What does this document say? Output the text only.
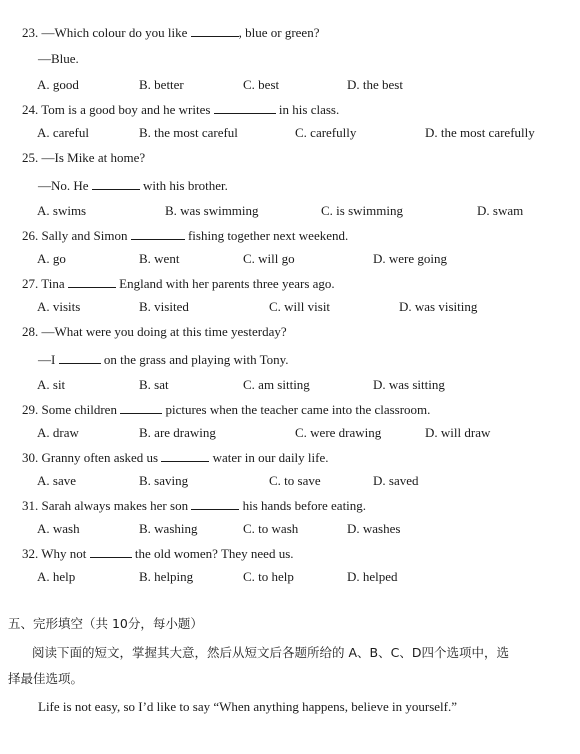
23. —Which colour do you like	, blue or green?
—Blue.
A. good	B. better	C. best	D. the best
24. Tom is a good boy and he writes	in his class.
A. careful	B. the most careful	C. carefully	D. the most carefully
25. —Is Mike at home?
—No. He	with his brother.
A. swims	B. was swimming	C. is swimming	D. swam
26. Sally and Simon	fishing together next weekend.
A. go	B. went	C. will go	D. were going
27. Tina	England with her parents three years ago.
A. visits	B. visited	C. will visit	D. was visiting
28. —What were you doing at this time yesterday?
—I	on the grass and playing with Tony.
A. sit	B. sat	C. am sitting	D. was sitting
29. Some children	pictures when the teacher came into the classroom.
A. draw	B. are drawing	C. were drawing	D. will draw
30. Granny often asked us	water in our daily life.
A. save	B. saving	C. to save	D. saved
31. Sarah always makes her son	his hands before eating.
A. wash	B. washing	C. to wash	D. washes
32. Why not	the old women? They need us.
A. help	B. helping	C. to help	D. helped
五、完形填空（共 10分，每小题）
阅读下面的短文，掌握其大意，然后从短文后各题所给的 A、B、C、D四个选项中，选
择最佳选项。
Life is not easy, so I’d like to say “When anything happens, believe in yourself.”
